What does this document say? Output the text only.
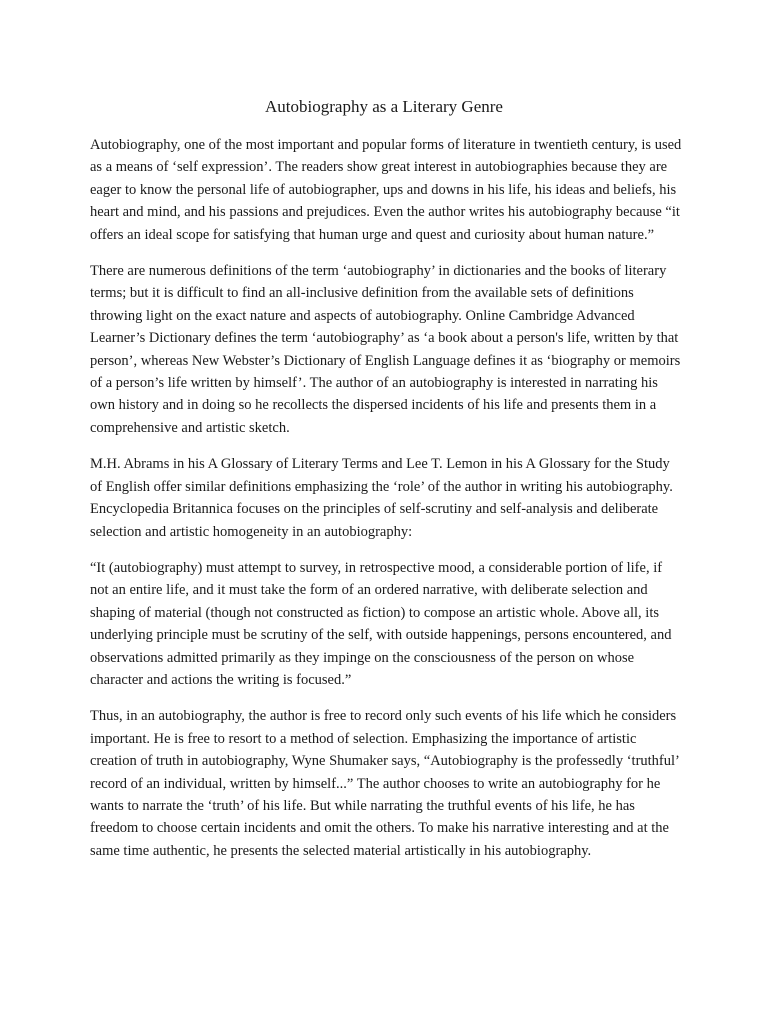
Autobiography as a Literary Genre

Autobiography, one of the most important and popular forms of literature in twentieth century, is used as a means of ‘self expression’. The readers show great interest in autobiographies because they are eager to know the personal life of autobiographer, ups and downs in his life, his ideas and beliefs, his heart and mind, and his passions and prejudices. Even the author writes his autobiography because “it offers an ideal scope for satisfying that human urge and quest and curiosity about human nature.”

There are numerous definitions of the term ‘autobiography’ in dictionaries and the books of literary terms; but it is difficult to find an all-inclusive definition from the available sets of definitions throwing light on the exact nature and aspects of autobiography. Online Cambridge Advanced Learner’s Dictionary defines the term ‘autobiography’ as ‘a book about a person's life, written by that person’, whereas New Webster’s Dictionary of English Language defines it as ‘biography or memoirs of a person’s life written by himself’. The author of an autobiography is interested in narrating his own history and in doing so he recollects the dispersed incidents of his life and presents them in a comprehensive and artistic sketch.

M.H. Abrams in his A Glossary of Literary Terms and Lee T. Lemon in his A Glossary for the Study of English offer similar definitions emphasizing the ‘role’ of the author in writing his autobiography. Encyclopedia Britannica focuses on the principles of self-scrutiny and self-analysis and deliberate selection and artistic homogeneity in an autobiography:

“It (autobiography) must attempt to survey, in retrospective mood, a considerable portion of life, if not an entire life, and it must take the form of an ordered narrative, with deliberate selection and shaping of material (though not constructed as fiction) to compose an artistic whole. Above all, its underlying principle must be scrutiny of the self, with outside happenings, persons encountered, and observations admitted primarily as they impinge on the consciousness of the person on whose character and actions the writing is focused.”

Thus, in an autobiography, the author is free to record only such events of his life which he considers important. He is free to resort to a method of selection. Emphasizing the importance of artistic creation of truth in autobiography, Wyne Shumaker says, “Autobiography is the professedly ‘truthful’ record of an individual, written by himself...” The author chooses to write an autobiography for he wants to narrate the ‘truth’ of his life. But while narrating the truthful events of his life, he has freedom to choose certain incidents and omit the others. To make his narrative interesting and at the same time authentic, he presents the selected material artistically in his autobiography.
